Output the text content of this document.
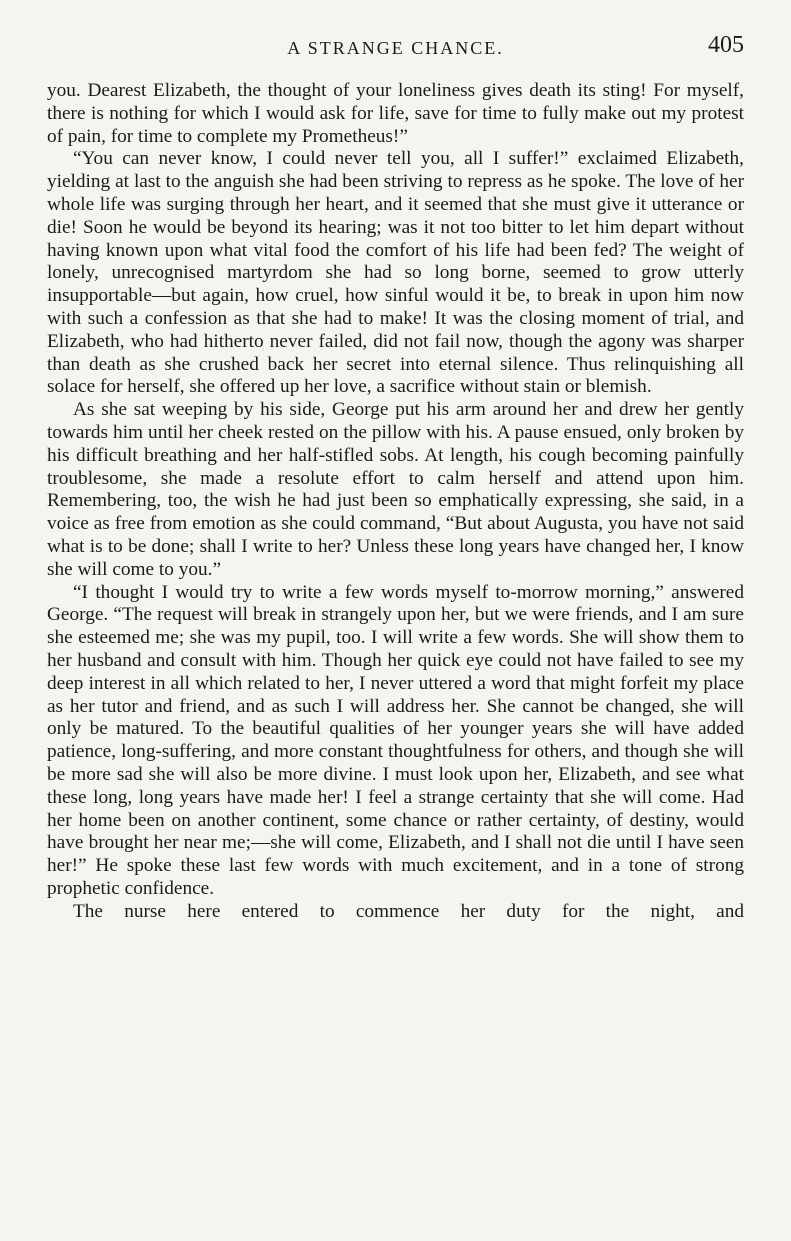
A STRANGE CHANCE.	405

you. Dearest Elizabeth, the thought of your loneliness gives death its sting! For myself, there is nothing for which I would ask for life, save for time to fully make out my protest of pain, for time to complete my Prometheus!”

“You can never know, I could never tell you, all I suffer!” exclaimed Elizabeth, yielding at last to the anguish she had been striving to repress as he spoke. The love of her whole life was surging through her heart, and it seemed that she must give it utterance or die! Soon he would be beyond its hearing; was it not too bitter to let him depart without having known upon what vital food the comfort of his life had been fed? The weight of lonely, unrecognised martyrdom she had so long borne, seemed to grow utterly insupportable—but again, how cruel, how sinful would it be, to break in upon him now with such a confession as that she had to make! It was the closing moment of trial, and Elizabeth, who had hitherto never failed, did not fail now, though the agony was sharper than death as she crushed back her secret into eternal silence. Thus relinquishing all solace for herself, she offered up her love, a sacrifice without stain or blemish.

As she sat weeping by his side, George put his arm around her and drew her gently towards him until her cheek rested on the pillow with his. A pause ensued, only broken by his difficult breathing and her half-stifled sobs. At length, his cough becoming painfully troublesome, she made a resolute effort to calm herself and attend upon him. Remembering, too, the wish he had just been so emphatically expressing, she said, in a voice as free from emotion as she could command, “But about Augusta, you have not said what is to be done; shall I write to her? Unless these long years have changed her, I know she will come to you.”

“I thought I would try to write a few words myself to-morrow morning,” answered George. “The request will break in strangely upon her, but we were friends, and I am sure she esteemed me; she was my pupil, too. I will write a few words. She will show them to her husband and consult with him. Though her quick eye could not have failed to see my deep interest in all which related to her, I never uttered a word that might forfeit my place as her tutor and friend, and as such I will address her. She cannot be changed, she will only be matured. To the beautiful qualities of her younger years she will have added patience, long-suffering, and more constant thoughtfulness for others, and though she will be more sad she will also be more divine. I must look upon her, Elizabeth, and see what these long, long years have made her! I feel a strange certainty that she will come. Had her home been on another continent, some chance or rather certainty, of destiny, would have brought her near me;—she will come, Elizabeth, and I shall not die until I have seen her!” He spoke these last few words with much excitement, and in a tone of strong prophetic confidence.

The nurse here entered to commence her duty for the night, and
